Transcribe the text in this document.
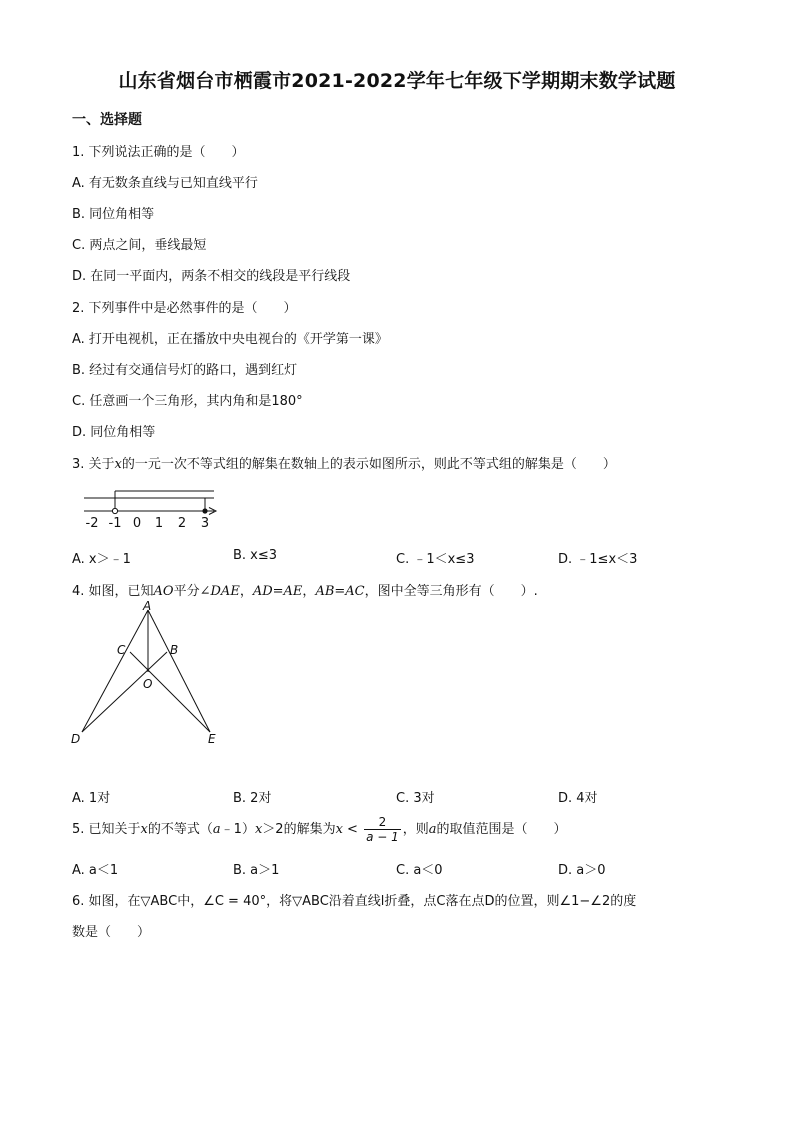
山东省烟台市栖霞市2021-2022学年七年级下学期期末数学试题
一、选择题
1. 下列说法正确的是（　　）
A. 有无数条直线与已知直线平行
B. 同位角相等
C. 两点之间，垂线最短
D. 在同一平面内，两条不相交的线段是平行线段
2. 下列事件中是必然事件的是（　　）
A. 打开电视机，正在播放中央电视台的《开学第一课》
B. 经过有交通信号灯的路口，遇到红灯
C. 任意画一个三角形，其内角和是180°
D. 同位角相等
3. 关于x的一元一次不等式组的解集在数轴上的表示如图所示，则此不等式组的解集是（　　）
-2 -1 0 1 2 3
A. x＞﹣1	B. x≤3	C. ﹣1＜x≤3	D. ﹣1≤x＜3
4. 如图，已知AO平分∠DAE，AD=AE，AB=AC，图中全等三角形有（　　）.
A
C	B
O
D	E
A. 1对	B. 2对	C. 3对	D. 4对
5. 已知关于x的不等式（a﹣1）x＞2的解集为$x < \frac{2}{a - 1}$ ，则a的取值范围是（　　）
A. a＜1	B. a＞1	C. a＜0	D. a＞0
6. 如图，在▽ABC中，∠C = 40°，将▽ABC沿着直线l折叠，点C落在点D的位置，则∠1−∠2的度
数是（　　）
